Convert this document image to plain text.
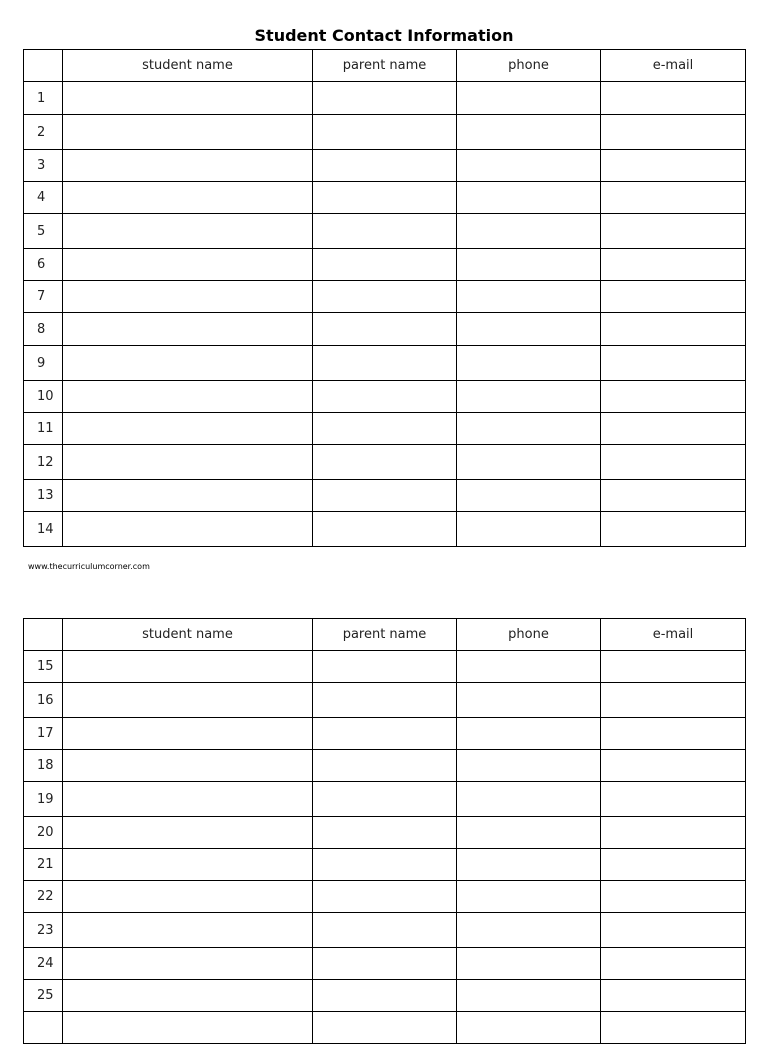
Student Contact Information
	student name	parent name	phone	e-mail
1				
2				
3				
4				
5				
6				
7				
8				
9				
10				
11				
12				
13				
14				
www.thecurriculumcorner.com
	student name	parent name	phone	e-mail
15				
16				
17				
18				
19				
20				
21				
22				
23				
24				
25				
